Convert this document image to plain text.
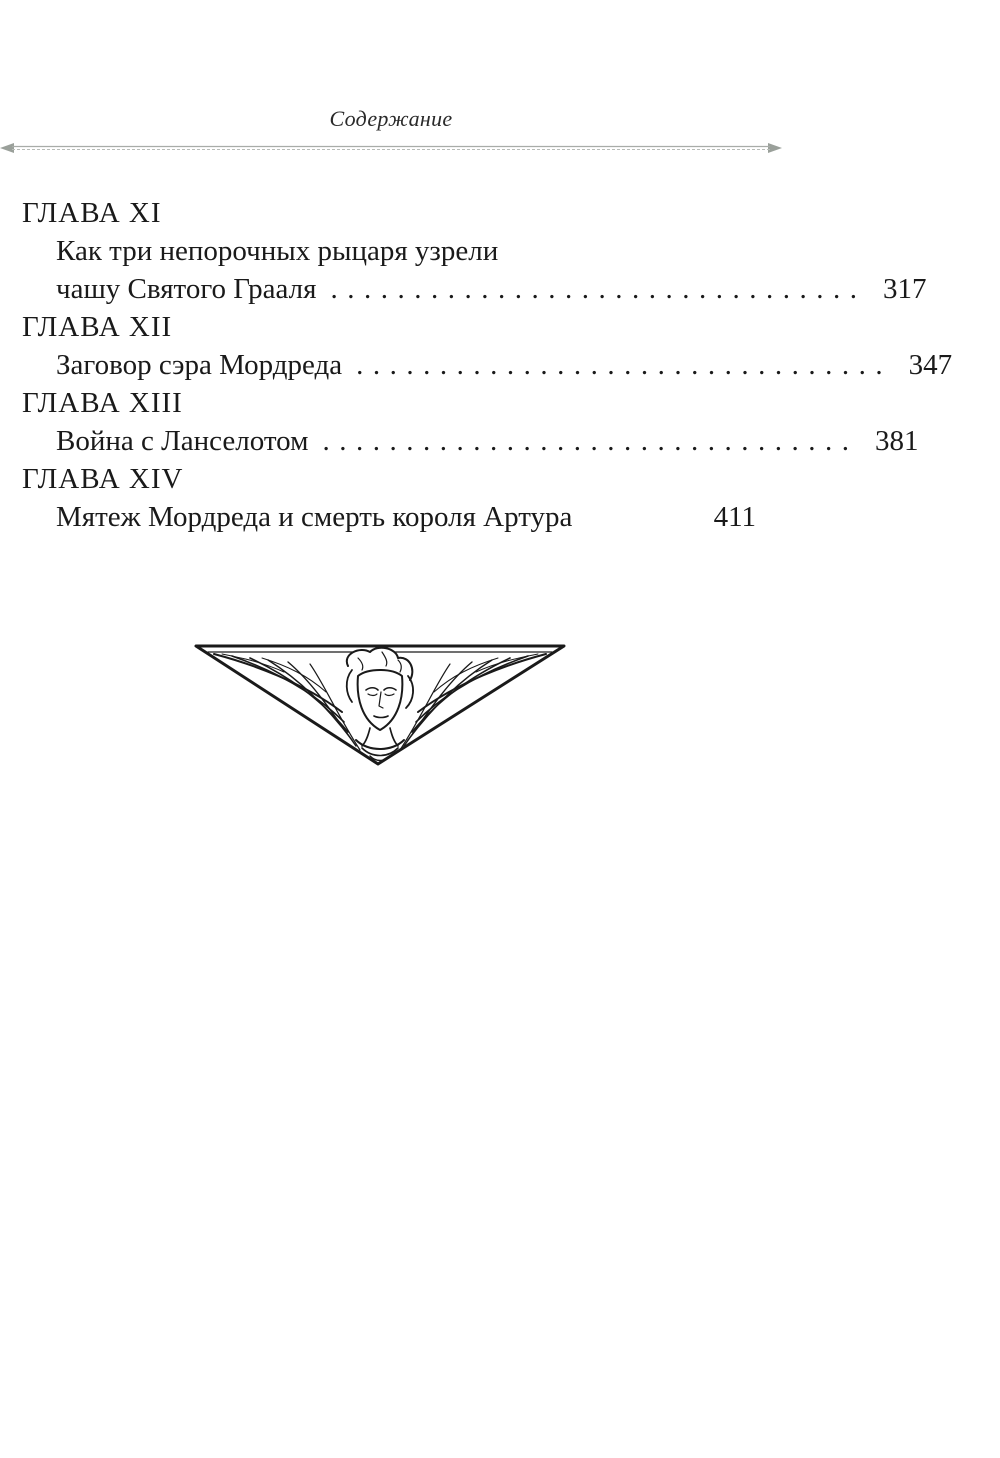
Содержание
ГЛАВА XI
Как три непорочных рыцаря узрели
чашу Святого Грааля ................................ 317
ГЛАВА XII
Заговор сэра Мордреда ................................ 347
ГЛАВА XIII
Война с Ланселотом ................................ 381
ГЛАВА XIV
Мятеж Мордреда и смерть короля Артура	411
